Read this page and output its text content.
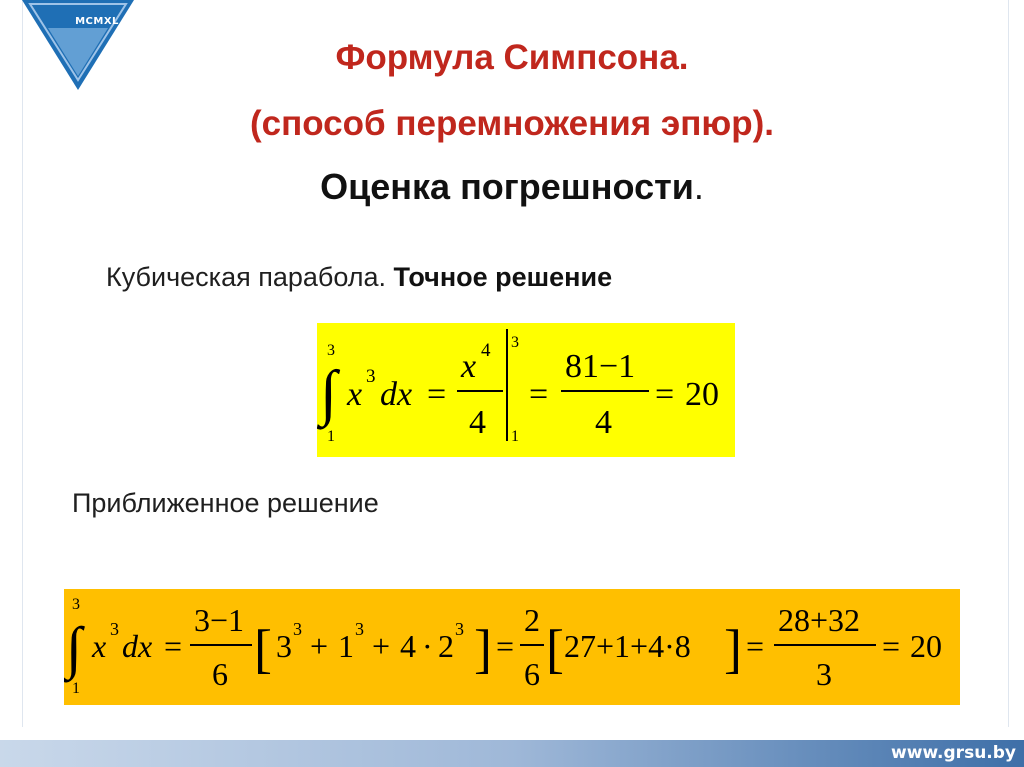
MCMXL
Формула Симпсона.
(способ перемножения эпюр).
Оценка погрешности.
Кубическая парабола. Точное решение
3
∫
1
x 3 dx =
x 4
4
3
1
=
81−1
4
= 20
Приближенное решение
3
∫
1
x 3 dx =
3−1
6 [ 3 3 + 1 3 + 4 · 2 3 ] =
2
6 [ 27+1+4·8 ] =
28+32
3
= 20
www.grsu.by
